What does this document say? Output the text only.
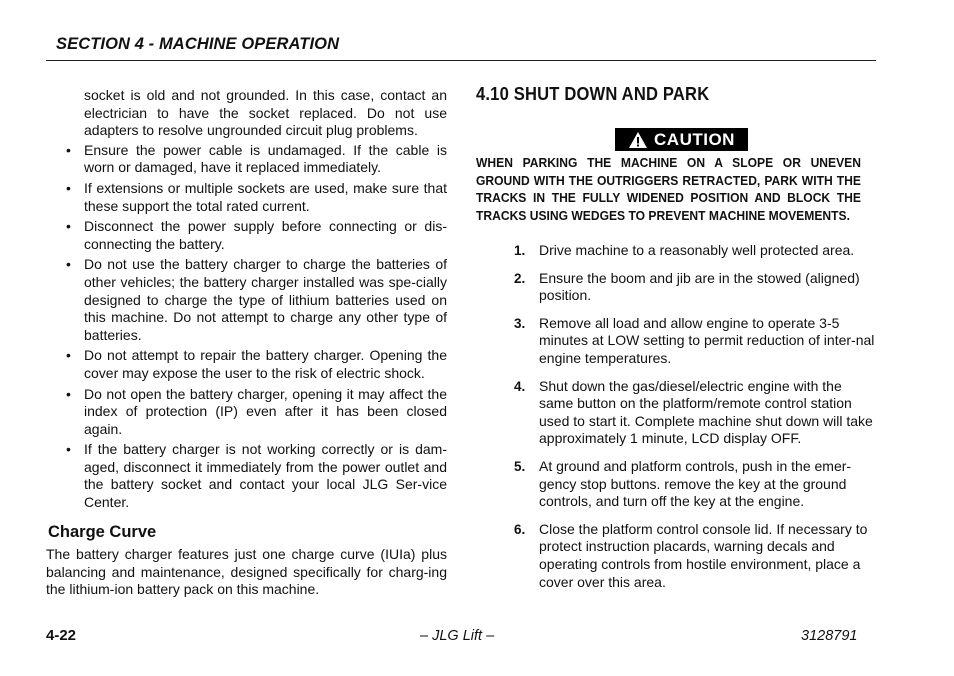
SECTION 4 - MACHINE OPERATION

socket is old and not grounded. In this case, contact an electrician to have the socket replaced. Do not use adapters to resolve ungrounded circuit plug problems.

• Ensure the power cable is undamaged. If the cable is worn or damaged, have it replaced immediately.
• If extensions or multiple sockets are used, make sure that these support the total rated current.
• Disconnect the power supply before connecting or dis-connecting the battery.
• Do not use the battery charger to charge the batteries of other vehicles; the battery charger installed was spe-cially designed to charge the type of lithium batteries used on this machine. Do not attempt to charge any other type of batteries.
• Do not attempt to repair the battery charger. Opening the cover may expose the user to the risk of electric shock.
• Do not open the battery charger, opening it may affect the index of protection (IP) even after it has been closed again.
• If the battery charger is not working correctly or is dam-aged, disconnect it immediately from the power outlet and the battery socket and contact your local JLG Ser-vice Center.
Charge Curve

The battery charger features just one charge curve (IUIa) plus balancing and maintenance, designed specifically for charg-ing the lithium-ion battery pack on this machine.

4.10 SHUT DOWN AND PARK
CAUTION
WHEN PARKING THE MACHINE ON A SLOPE OR UNEVEN GROUND WITH THE OUTRIGGERS RETRACTED, PARK WITH THE TRACKS IN THE FULLY WIDENED POSITION AND BLOCK THE TRACKS USING WEDGES TO PREVENT MACHINE MOVEMENTS.
1. Drive machine to a reasonably well protected area.
2. Ensure the boom and jib are in the stowed (aligned) position.
3. Remove all load and allow engine to operate 3-5 minutes at LOW setting to permit reduction of inter-nal engine temperatures.
4. Shut down the gas/diesel/electric engine with the same button on the platform/remote control station used to start it. Complete machine shut down will take approximately 1 minute, LCD display OFF.
5. At ground and platform controls, push in the emer-gency stop buttons. remove the key at the ground controls, and turn off the key at the engine.
6. Close the platform control console lid. If necessary to protect instruction placards, warning decals and operating controls from hostile environment, place a cover over this area.
4-22	– JLG Lift –	3128791
